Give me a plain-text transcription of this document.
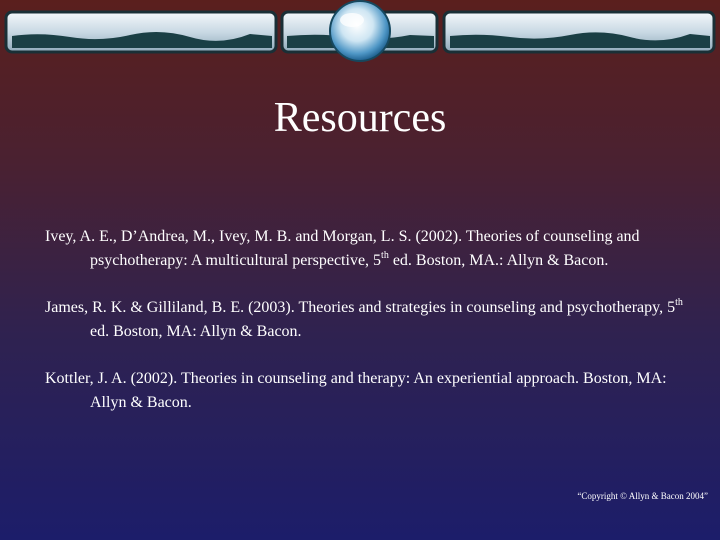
Resources

Ivey, A. E., D’Andrea, M., Ivey, M. B. and Morgan, L. S. (2002). Theories of counseling and psychotherapy: A multicultural perspective, 5th ed. Boston, MA.: Allyn & Bacon.

James, R. K. & Gilliland, B. E. (2003). Theories and strategies in counseling and psychotherapy, 5th ed. Boston, MA: Allyn & Bacon.

Kottler, J. A. (2002). Theories in counseling and therapy: An experiential approach. Boston, MA: Allyn & Bacon.

“Copyright © Allyn & Bacon 2004”
